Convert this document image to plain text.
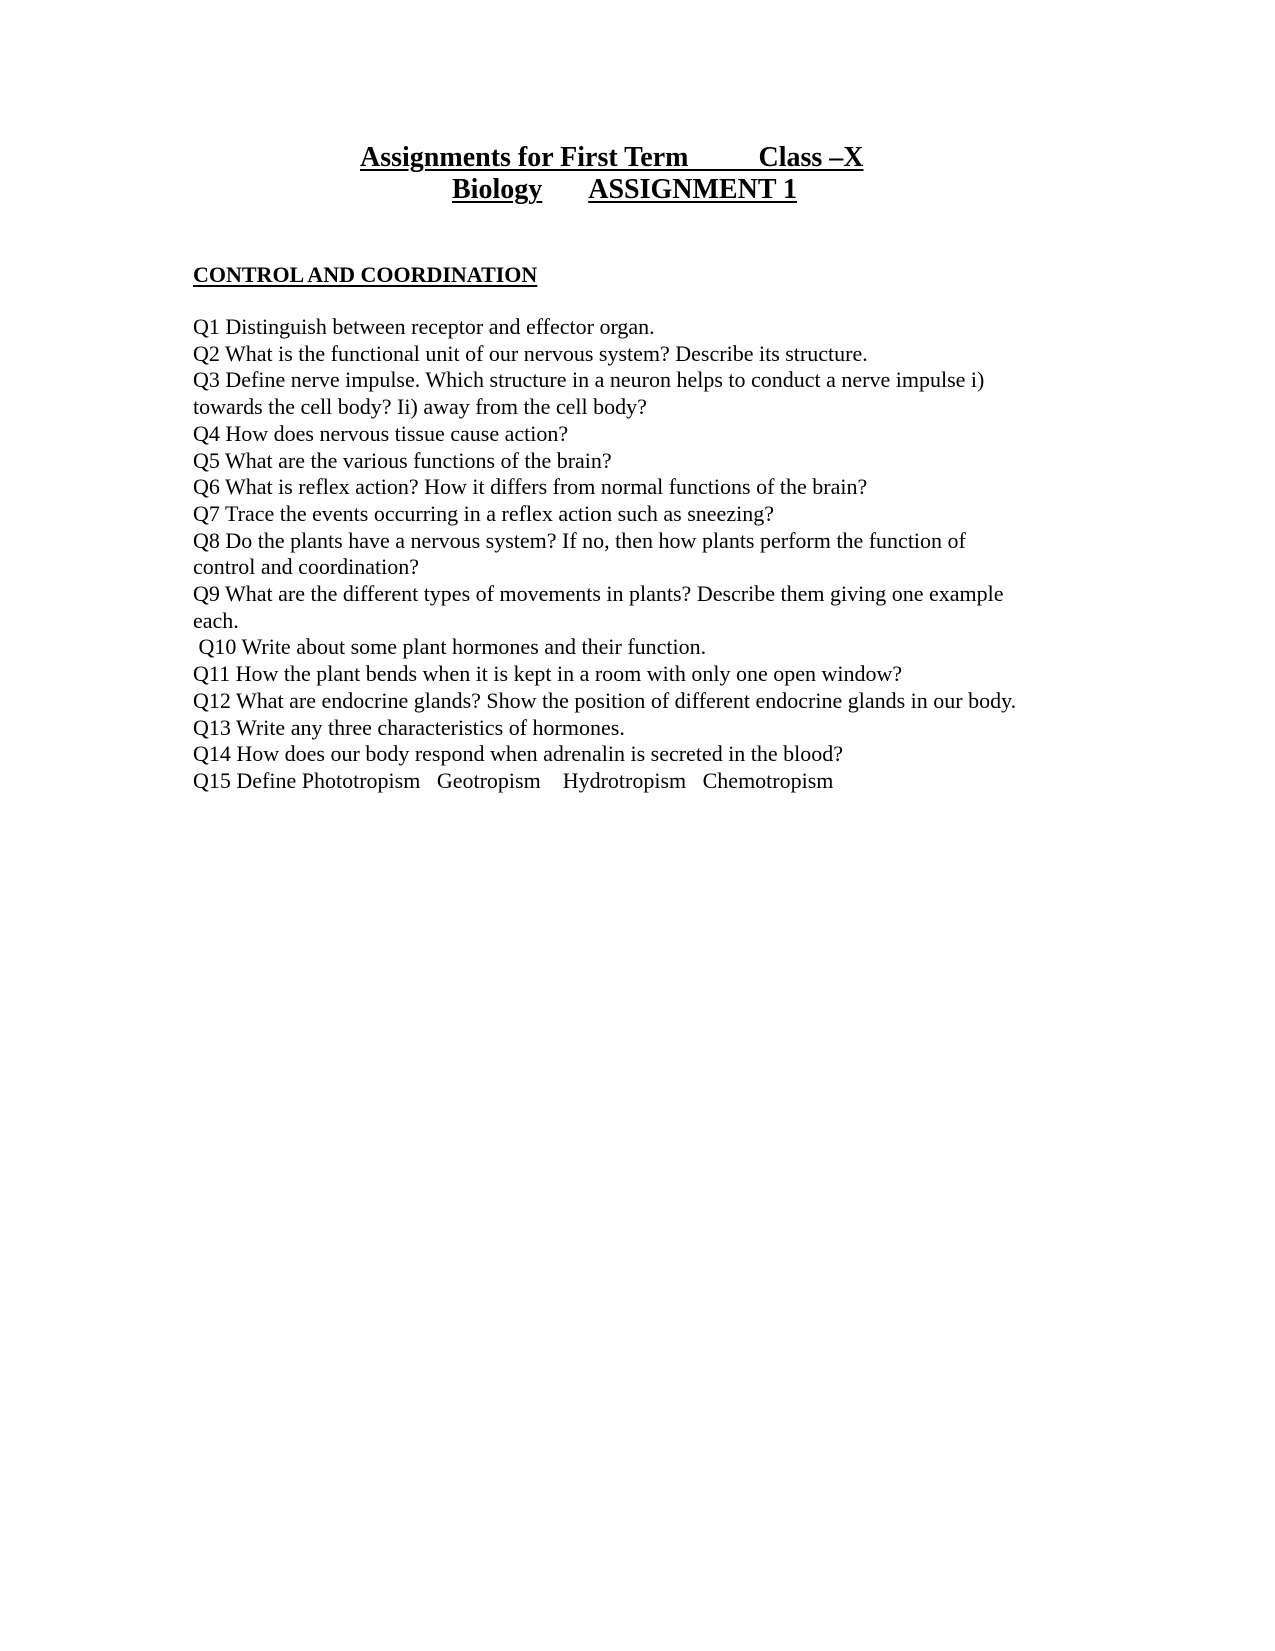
Assignments for First Term          Class –X
Biology ASSIGNMENT 1
CONTROL AND COORDINATION
Q1 Distinguish between receptor and effector organ.
Q2 What is the functional unit of our nervous system? Describe its structure.
Q3 Define nerve impulse. Which structure in a neuron helps to conduct a nerve impulse i)
towards the cell body? Ii) away from the cell body?
Q4 How does nervous tissue cause action?
Q5 What are the various functions of the brain?
Q6 What is reflex action? How it differs from normal functions of the brain?
Q7 Trace the events occurring in a reflex action such as sneezing?
Q8 Do the plants have a nervous system? If no, then how plants perform the function of
control and coordination?
Q9 What are the different types of movements in plants? Describe them giving one example
each.
Q10 Write about some plant hormones and their function.
Q11 How the plant bends when it is kept in a room with only one open window?
Q12 What are endocrine glands? Show the position of different endocrine glands in our body.
Q13 Write any three characteristics of hormones.
Q14 How does our body respond when adrenalin is secreted in the blood?
Q15 Define Phototropism   Geotropism    Hydrotropism   Chemotropism
